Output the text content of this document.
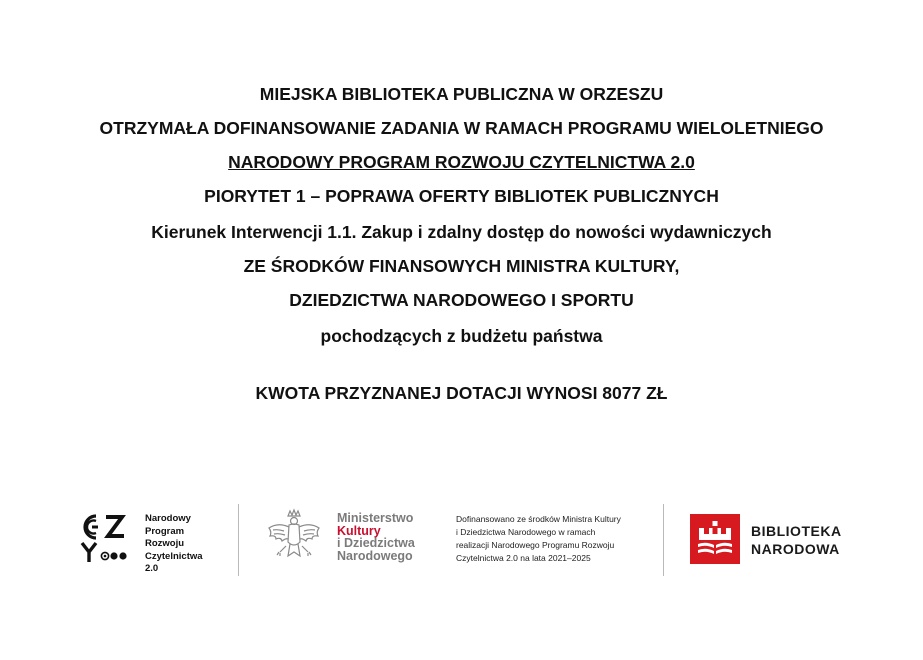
MIEJSKA BIBLIOTEKA PUBLICZNA W ORZESZU
OTRZYMAŁA DOFINANSOWANIE ZADANIA W RAMACH PROGRAMU WIELOLETNIEGO
NARODOWY PROGRAM ROZWOJU CZYTELNICTWA 2.0
PIORYTET 1 – POPRAWA OFERTY BIBLIOTEK PUBLICZNYCH
Kierunek Interwencji 1.1. Zakup i zdalny dostęp do nowości wydawniczych
ZE ŚRODKÓW FINANSOWYCH MINISTRA KULTURY,
DZIEDZICTWA NARODOWEGO I SPORTU
pochodzących z budżetu państwa
KWOTA PRZYZNANEJ DOTACJI WYNOSI 8077 ZŁ
Narodowy
Program
Rozwoju
Czytelnictwa
2.0
Ministerstwo
Kultury
i Dziedzictwa
Narodowego
Dofinansowano ze środków Ministra Kultury
i Dziedzictwa Narodowego w ramach
realizacji Narodowego Programu Rozwoju
Czytelnictwa 2.0 na lata 2021–2025
BIBLIOTEKA
NARODOWA
